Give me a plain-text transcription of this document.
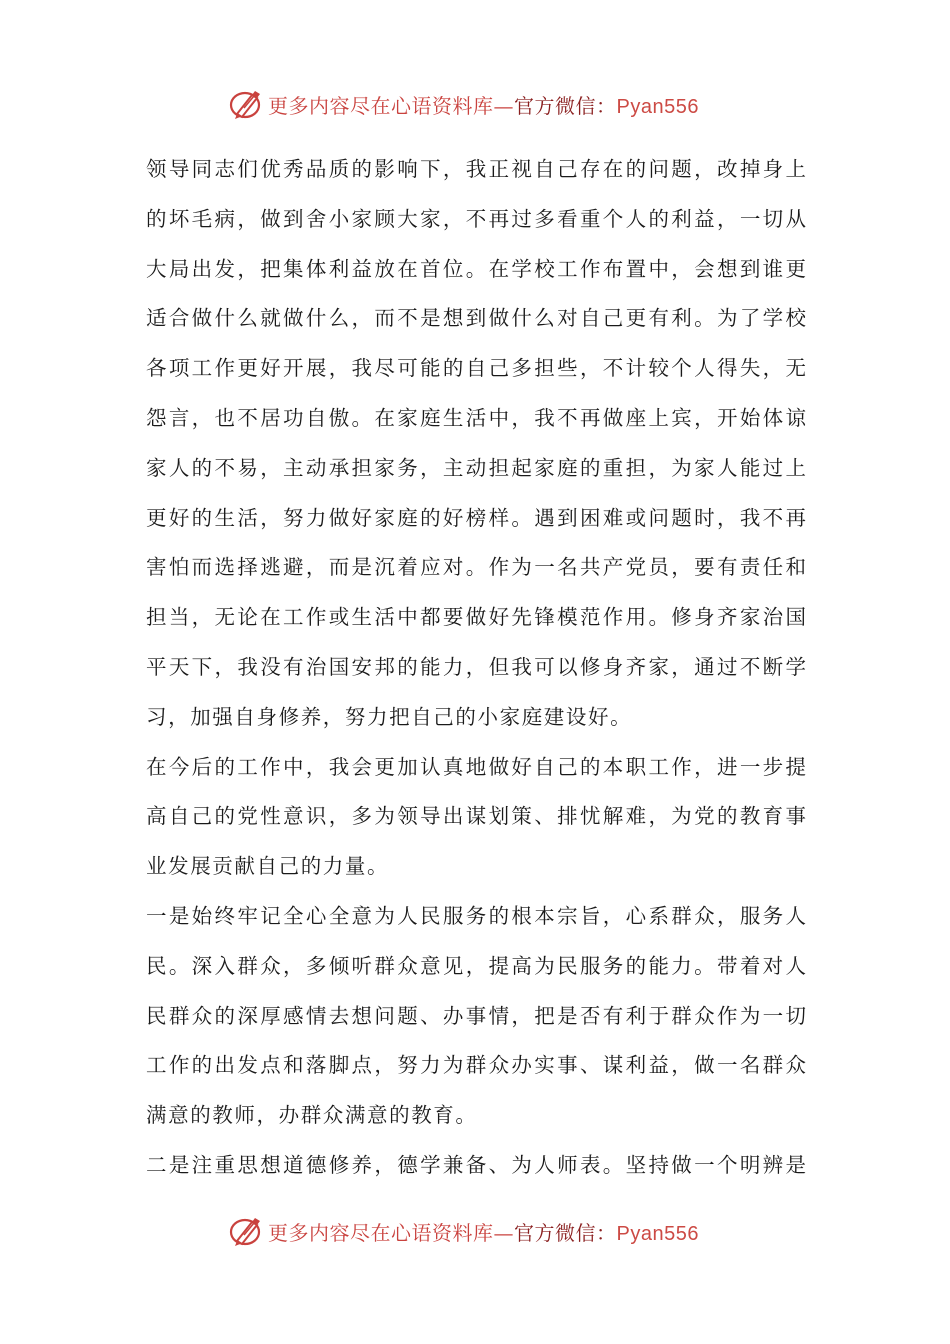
更多内容尽在心语资料库—官方微信：Pyan556
领导同志们优秀品质的影响下，我正视自己存在的问题，改掉身上
的坏毛病，做到舍小家顾大家，不再过多看重个人的利益，一切从
大局出发，把集体利益放在首位。在学校工作布置中，会想到谁更
适合做什么就做什么，而不是想到做什么对自己更有利。为了学校
各项工作更好开展，我尽可能的自己多担些，不计较个人得失，无
怨言，也不居功自傲。在家庭生活中，我不再做座上宾，开始体谅
家人的不易，主动承担家务，主动担起家庭的重担，为家人能过上
更好的生活，努力做好家庭的好榜样。遇到困难或问题时，我不再
害怕而选择逃避，而是沉着应对。作为一名共产党员，要有责任和
担当，无论在工作或生活中都要做好先锋模范作用。修身齐家治国
平天下，我没有治国安邦的能力，但我可以修身齐家，通过不断学
习，加强自身修养，努力把自己的小家庭建设好。
在今后的工作中，我会更加认真地做好自己的本职工作，进一步提
高自己的党性意识，多为领导出谋划策、排忧解难，为党的教育事
业发展贡献自己的力量。
一是始终牢记全心全意为人民服务的根本宗旨，心系群众，服务人
民。深入群众，多倾听群众意见，提高为民服务的能力。带着对人
民群众的深厚感情去想问题、办事情，把是否有利于群众作为一切
工作的出发点和落脚点，努力为群众办实事、谋利益，做一名群众
满意的教师，办群众满意的教育。
二是注重思想道德修养，德学兼备、为人师表。坚持做一个明辨是
更多内容尽在心语资料库—官方微信：Pyan556
